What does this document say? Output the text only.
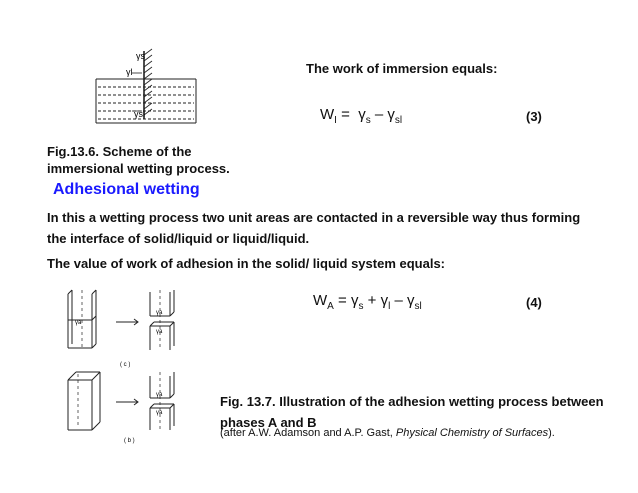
γs
γl
γsl
Fig.13.6. Scheme of the
immersional wetting process.
The work of immersion equals:
$W_I = \gamma_s - \gamma_{sl}$	(3)
Adhesional wetting
In this a wetting process two unit areas are contacted in a reversible way thus forming
the interface of solid/liquid or liquid/liquid.
The value of work of adhesion in the solid/ liquid system equals:
$W_A = \gamma_s + \gamma_l - \gamma_{sl}$	(4)
γa
γa
γa
γa
γa
( c )
( b )
Fig. 13.7. Illustration of the adhesion wetting process between
phases A and B
(after A.W. Adamson and A.P. Gast, Physical Chemistry of Surfaces).
